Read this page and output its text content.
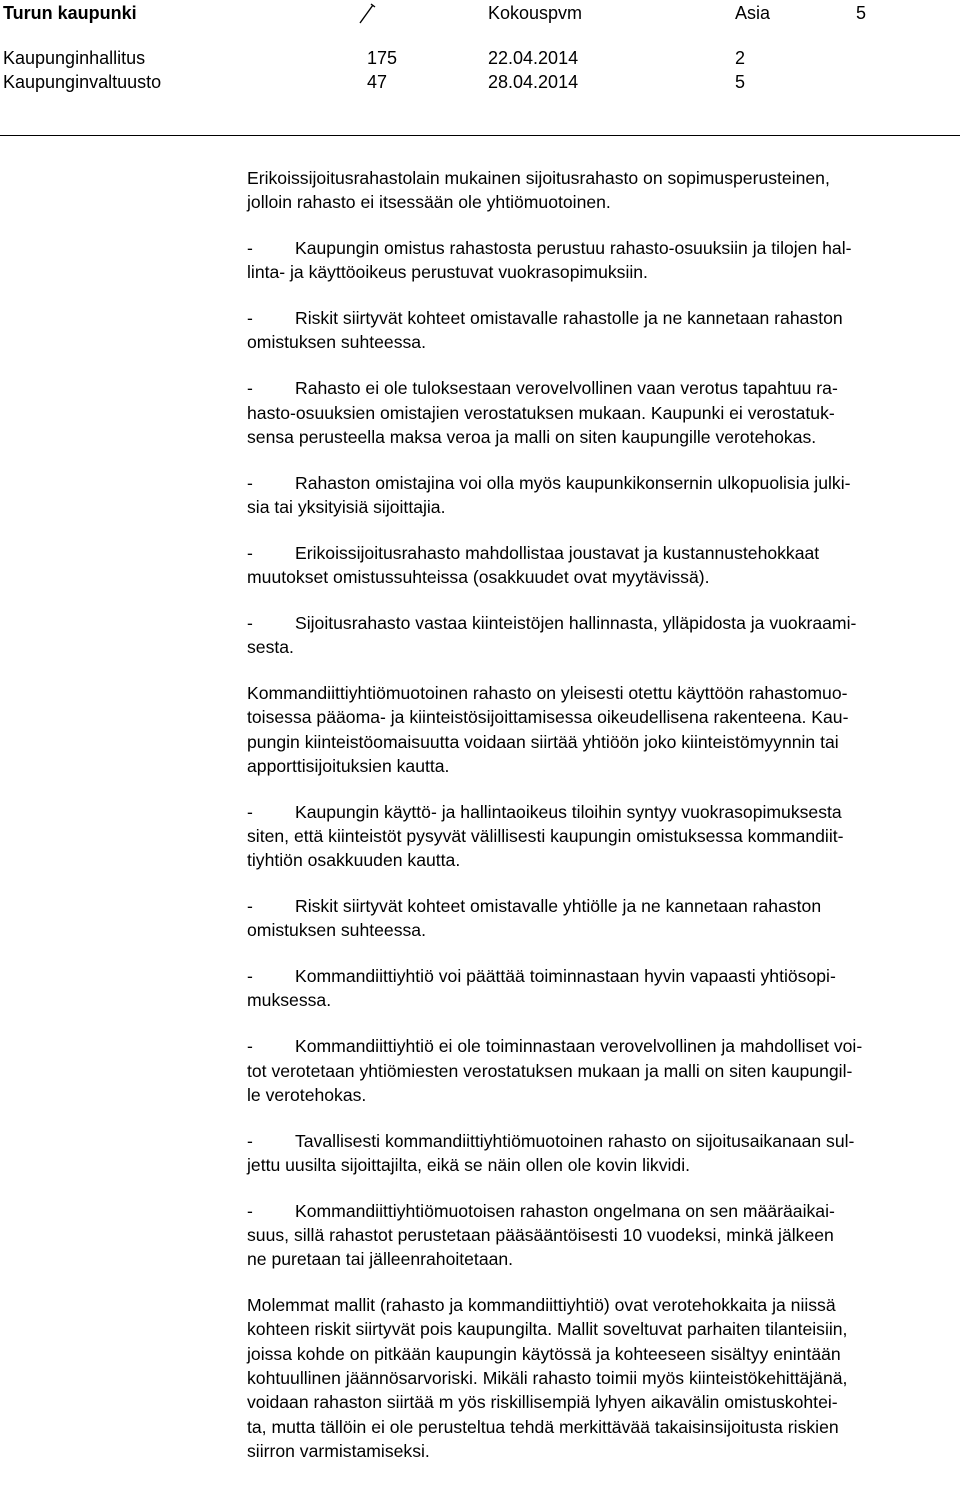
Turun kaupunki	Kokouspvm	Asia	5
Kaupunginhallitus	175	22.04.2014	2
Kaupunginvaltuusto	47	28.04.2014	5
Erikoissijoitusrahastolain mukainen sijoitusrahasto on sopimusperusteinen,
jolloin rahasto ei itsessään ole yhtiömuotoinen.
- Kaupungin omistus rahastosta perustuu rahasto-osuuksiin ja tilojen hal-
linta- ja käyttöoikeus perustuvat vuokrasopimuksiin.
- Riskit siirtyvät kohteet omistavalle rahastolle ja ne kannetaan rahaston
omistuksen suhteessa.
- Rahasto ei ole tuloksestaan verovelvollinen vaan verotus tapahtuu ra-
hasto-osuuksien omistajien verostatuksen mukaan. Kaupunki ei verostatuk-
sensa perusteella maksa veroa ja malli on siten kaupungille verotehokas.
- Rahaston omistajina voi olla myös kaupunkikonsernin ulkopuolisia julki-
sia tai yksityisiä sijoittajia.
- Erikoissijoitusrahasto mahdollistaa joustavat ja kustannustehokkaat
muutokset omistussuhteissa (osakkuudet ovat myytävissä).
- Sijoitusrahasto vastaa kiinteistöjen hallinnasta, ylläpidosta ja vuokraami-
sesta.
Kommandiittiyhtiömuotoinen rahasto on yleisesti otettu käyttöön rahastomuo-
toisessa pääoma- ja kiinteistösijoittamisessa oikeudellisena rakenteena. Kau-
pungin kiinteistöomaisuutta voidaan siirtää yhtiöön joko kiinteistömyynnin tai
apporttisijoituksien kautta.
- Kaupungin käyttö- ja hallintaoikeus tiloihin syntyy vuokrasopimuksesta
siten, että kiinteistöt pysyvät välillisesti kaupungin omistuksessa kommandiit-
tiyhtiön osakkuuden kautta.
- Riskit siirtyvät kohteet omistavalle yhtiölle ja ne kannetaan rahaston
omistuksen suhteessa.
- Kommandiittiyhtiö voi päättää toiminnastaan hyvin vapaasti yhtiösopi-
muksessa.
- Kommandiittiyhtiö ei ole toiminnastaan verovelvollinen ja mahdolliset voi-
tot verotetaan yhtiömiesten verostatuksen mukaan ja malli on siten kaupungil-
le verotehokas.
- Tavallisesti kommandiittiyhtiömuotoinen rahasto on sijoitusaikanaan sul-
jettu uusilta sijoittajilta, eikä se näin ollen ole kovin likvidi.
- Kommandiittiyhtiömuotoisen rahaston ongelmana on sen määräaikai-
suus, sillä rahastot perustetaan pääsääntöisesti 10 vuodeksi, minkä jälkeen
ne puretaan tai jälleenrahoitetaan.
Molemmat mallit (rahasto ja kommandiittiyhtiö) ovat verotehokkaita ja niissä
kohteen riskit siirtyvät pois kaupungilta. Mallit soveltuvat parhaiten tilanteisiin,
joissa kohde on pitkään kaupungin käytössä ja kohteeseen sisältyy enintään
kohtuullinen jäännösarvoriski. Mikäli rahasto toimii myös kiinteistökehittäjänä,
voidaan rahaston siirtää m yös riskillisempiä lyhyen aikavälin omistuskohtei-
ta, mutta tällöin ei ole perusteltua tehdä merkittävää takaisinsijoitusta riskien
siirron varmistamiseksi.
